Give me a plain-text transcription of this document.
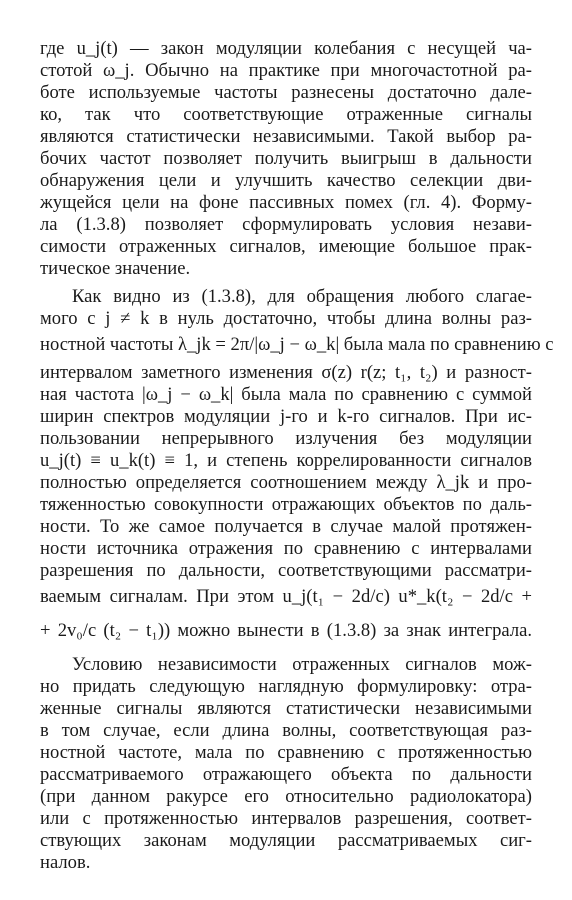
где u_j(t) — закон модуляции колебания с несущей ча-
стотой ω_j. Обычно на практике при многочастотной ра-
боте используемые частоты разнесены достаточно дале-
ко, так что соответствующие отраженные сигналы
являются статистически независимыми. Такой выбор ра-
бочих частот позволяет получить выигрыш в дальности
обнаружения цели и улучшить качество селекции дви-
жущейся цели на фоне пассивных помех (гл. 4). Форму-
ла (1.3.8) позволяет сформулировать условия незави-
симости отраженных сигналов, имеющие большое прак-
тическое значение.
Как видно из (1.3.8), для обращения любого слагае-
мого с j ≠ k в нуль достаточно, чтобы длина волны раз-
ностной частоты λ_jk = 2π/|ω_j − ω_k| была мала по сравнению с
интервалом заметного изменения σ(z) r(z; t₁, t₂) и разност-
ная частота |ω_j − ω_k| была мала по сравнению с суммой
ширин спектров модуляции j-го и k-го сигналов. При ис-
пользовании непрерывного излучения без модуляции
u_j(t) ≡ u_k(t) ≡ 1, и степень коррелированности сигналов
полностью определяется соотношением между λ_jk и про-
тяженностью совокупности отражающих объектов по даль-
ности. То же самое получается в случае малой протяжен-
ности источника отражения по сравнению с интервалами
разрешения по дальности, соответствующими рассматри-
ваемым сигналам. При этом u_j(t₁ − 2d/c) u*_k(t₂ − 2d/c +
+ 2v₀/c (t₂ − t₁)) можно вынести в (1.3.8) за знак интеграла.
Условию независимости отраженных сигналов мож-
но придать следующую наглядную формулировку: отра-
женные сигналы являются статистически независимыми
в том случае, если длина волны, соответствующая раз-
ностной частоте, мала по сравнению с протяженностью
рассматриваемого отражающего объекта по дальности
(при данном ракурсе его относительно радиолокатора)
или с протяженностью интервалов разрешения, соответ-
ствующих законам модуляции рассматриваемых сиг-
налов.
